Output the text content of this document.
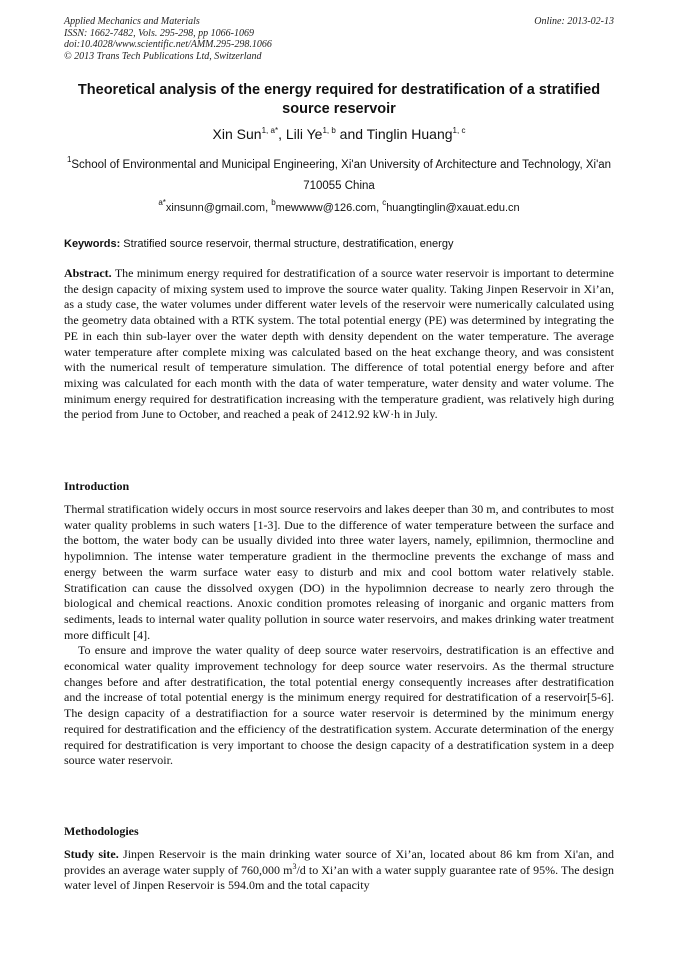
Applied Mechanics and Materials
ISSN: 1662-7482, Vols. 295-298, pp 1066-1069
doi:10.4028/www.scientific.net/AMM.295-298.1066
© 2013 Trans Tech Publications Ltd, Switzerland
Online: 2013-02-13
Theoretical analysis of the energy required for destratification of a stratified source reservoir
Xin Sun$^{1, a*}$, Lili Ye$^{1, b}$ and Tinglin Huang$^{1, c}$
$^1$School of Environmental and Municipal Engineering, Xi'an University of Architecture and Technology, Xi'an 710055 China
$^{a*}$xinsunn@gmail.com, $^b$mewwww@126.com, $^c$huangtinglin@xauat.edu.cn
Keywords: Stratified source reservoir, thermal structure, destratification, energy

Abstract. The minimum energy required for destratification of a source water reservoir is important to determine the design capacity of mixing system used to improve the source water quality. Taking Jinpen Reservoir in Xi’an, as a study case, the water volumes under different water levels of the reservoir were numerically calculated using the geometry data obtained with a RTK system. The total potential energy (PE) was determined by integrating the PE in each thin sub-layer over the water depth with density dependent on the water temperature. The average water temperature after complete mixing was calculated based on the heat exchange theory, and was consistent with the numerical result of temperature simulation. The difference of total potential energy before and after mixing was calculated for each month with the data of water temperature, water density and water volume. The minimum energy required for destratification increasing with the temperature gradient, was relatively high during the period from June to October, and reached a peak of 2412.92 kW·h in July.

Introduction

Thermal stratification widely occurs in most source reservoirs and lakes deeper than 30 m, and contributes to most water quality problems in such waters [1-3]. Due to the difference of water temperature between the surface and the bottom, the water body can be usually divided into three water layers, namely, epilimnion, thermocline and hypolimnion. The intense water temperature gradient in the thermocline prevents the exchange of mass and energy between the warm surface water easy to disturb and mix and cool bottom water relatively stable. Stratification can cause the dissolved oxygen (DO) in the hypolimnion decrease to nearly zero through the biological and chemical reactions. Anoxic condition promotes releasing of inorganic and organic matters from sediments, leads to internal water quality pollution in source water reservoirs, and makes drinking water treatment more difficult [4].

To ensure and improve the water quality of deep source water reservoirs, destratification is an effective and economical water quality improvement technology for deep source water reservoirs. As the thermal structure changes before and after destratification, the total potential energy consequently increases after destratification and the increase of total potential energy is the minimum energy required for destratification of a reservoir[5-6]. The design capacity of a destratifiaction for a source water reservoir is determined by the minimum energy required for destratification and the efficiency of the destratification system. Accurate determination of the energy required for destratification is very important to choose the design capacity of a destratification system in a deep source water reservoir.

Methodologies

Study site. Jinpen Reservoir is the main drinking water source of Xi’an, located about 86 km from Xi'an, and provides an average water supply of 760,000 $m^3/d$ to Xi’an with a water supply guarantee rate of 95%. The design water level of Jinpen Reservoir is 594.0m and the total capacity
